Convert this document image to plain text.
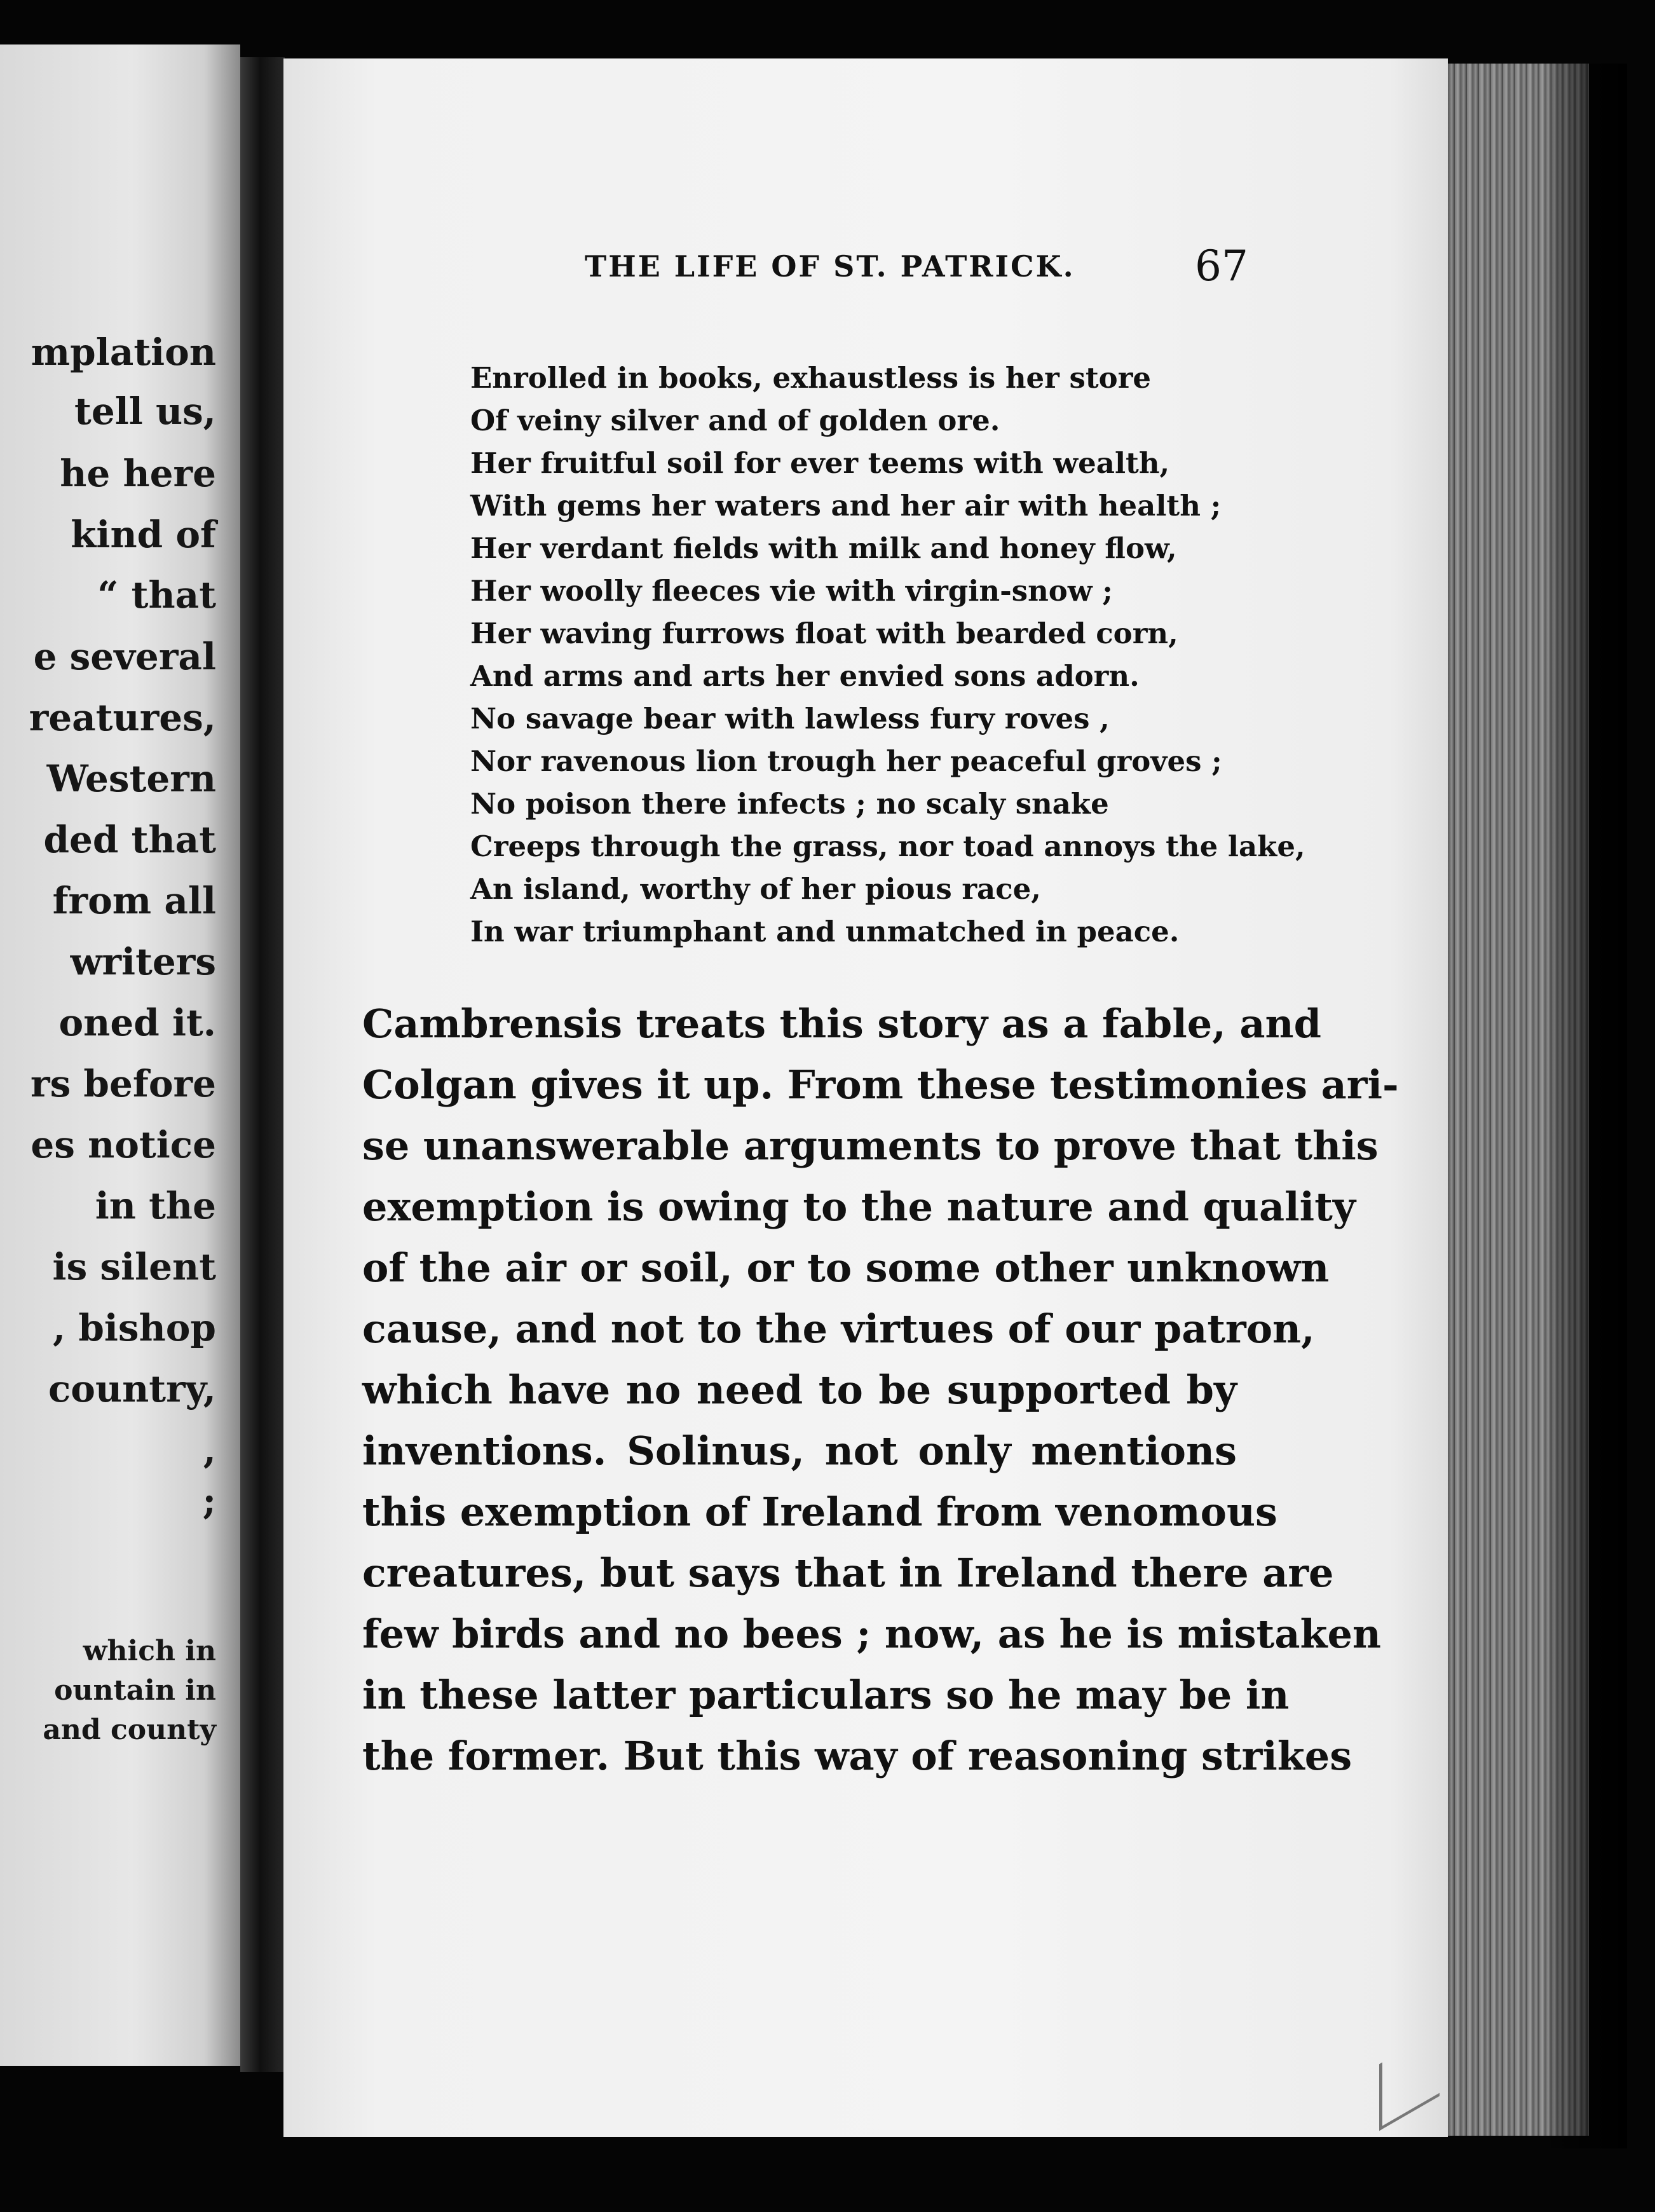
mplation
tell us,
he here
kind of
“ that
e several
reatures,
Western
ded that
from all
writers
oned it.
rs before
es notice
in the
is silent
, bishop
country,
,
;
which in
ountain in
and county
THE LIFE OF ST. PATRICK.	67
Enrolled in books, exhaustless is her store
Of veiny silver and of golden ore.
Her fruitful soil for ever teems with wealth,
With gems her waters and her air with health ;
Her verdant fields with milk and honey flow,
Her woolly fleeces vie with virgin-snow ;
Her waving furrows float with bearded corn,
And arms and arts her envied sons adorn.
No savage bear with lawless fury roves ,
Nor ravenous lion trough her peaceful groves ;
No poison there infects ; no scaly snake
Creeps through the grass, nor toad annoys the lake,
An island, worthy of her pious race,
In war triumphant and unmatched in peace.
Cambrensis treats this story as a fable, and
Colgan gives it up. From these testimonies ari-
se unanswerable arguments to prove that this
exemption is owing to the nature and quality
of the air or soil, or to some other unknown
cause, and not to the virtues of our patron,
which have no need to be supported by
inventions. Solinus, not only mentions
this exemption of Ireland from venomous
creatures, but says that in Ireland there are
few birds and no bees ; now, as he is mistaken
in these latter particulars so he may be in
the former. But this way of reasoning strikes
